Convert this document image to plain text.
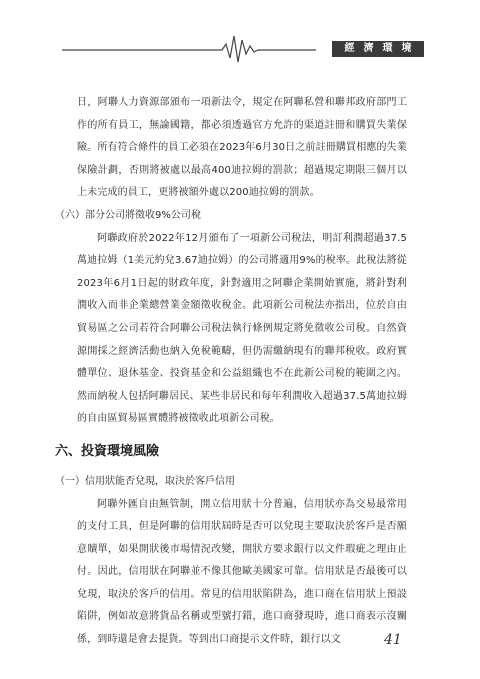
經濟環境

日，阿聯人力資源部頒布一項新法令，規定在阿聯私營和聯邦政府部門工作的所有員工，無論國籍，都必須透過官方允許的渠道註冊和購買失業保險。所有符合條件的員工必須在2023年6月30日之前註冊購買相應的失業保險計劃，否則將被處以最高400迪拉姆的罰款；超過規定期限三個月以上未完成的員工，更將被額外處以200迪拉姆的罰款。

（六）部分公司將徵收9%公司稅

阿聯政府於2022年12月頒布了一項新公司稅法，明訂利潤超過37.5萬迪拉姆（1美元約兌3.67迪拉姆）的公司將適用9%的稅率。此稅法將從2023年6月1日起的財政年度，針對適用之阿聯企業開始實施，將針對利潤收入而非企業總營業金額徵收稅金。此項新公司稅法亦指出，位於自由貿易區之公司若符合阿聯公司稅法執行條例規定將免徵收公司稅。自然資源開採之經濟活動也納入免稅範疇，但仍需繳納現有的聯邦稅收。政府實體單位、退休基金、投資基金和公益組織也不在此新公司稅的範圍之內。然而納稅人包括阿聯居民、某些非居民和每年利潤收入超過37.5萬迪拉姆的自由區貿易區實體將被徵收此項新公司稅。

六、投資環境風險

（一）信用狀能否兌現，取決於客戶信用

阿聯外匯自由無管制，開立信用狀十分普遍，信用狀亦為交易最常用的支付工具，但是阿聯的信用狀屆時是否可以兌現主要取決於客戶是否願意贖單，如果開狀後市場情況改變，開狀方要求銀行以文件瑕疵之理由止付。因此，信用狀在阿聯並不像其他歐美國家可靠。信用狀是否最後可以兌現，取決於客戶的信用。常見的信用狀陷阱為，進口商在信用狀上預設陷阱，例如故意將貨品名稱或型號打錯，進口商發現時，進口商表示沒關係，到時還是會去提貨。等到出口商提示文件時，銀行以文	41
